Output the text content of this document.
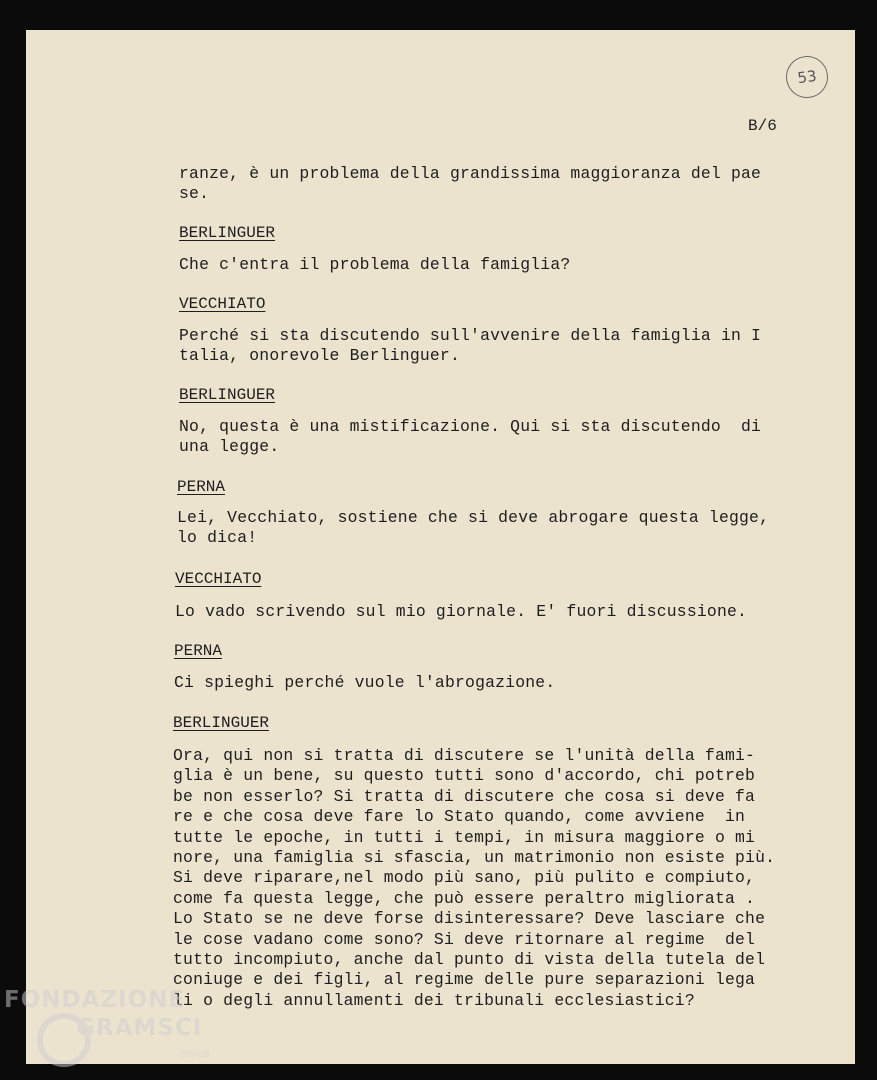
53
B/6
ranze, è un problema della grandissima maggioranza del pae
se.
BERLINGUER
Che c'entra il problema della famiglia?
VECCHIATO
Perché si sta discutendo sull'avvenire della famiglia in I
talia, onorevole Berlinguer.
BERLINGUER
No, questa è una mistificazione. Qui si sta discutendo  di
una legge.
PERNA
Lei, Vecchiato, sostiene che si deve abrogare questa legge,
lo dica!
VECCHIATO
Lo vado scrivendo sul mio giornale. E' fuori discussione.
PERNA
Ci spieghi perché vuole l'abrogazione.
BERLINGUER
Ora, qui non si tratta di discutere se l'unità della fami-
glia è un bene, su questo tutti sono d'accordo, chi potreb
be non esserlo? Si tratta di discutere che cosa si deve fa
re e che cosa deve fare lo Stato quando, come avviene  in
tutte le epoche, in tutti i tempi, in misura maggiore o mi
nore, una famiglia si sfascia, un matrimonio non esiste più.
Si deve riparare,nel modo più sano, più pulito e compiuto,
come fa questa legge, che può essere peraltro migliorata .
Lo Stato se ne deve forse disinteressare? Deve lasciare che
le cose vadano come sono? Si deve ritornare al regime  del
tutto incompiuto, anche dal punto di vista della tutela del
coniuge e dei figli, al regime delle pure separazioni lega
li o degli annullamenti dei tribunali ecclesiastici?
FONDAZIONE
GRAMSCI
onlus
